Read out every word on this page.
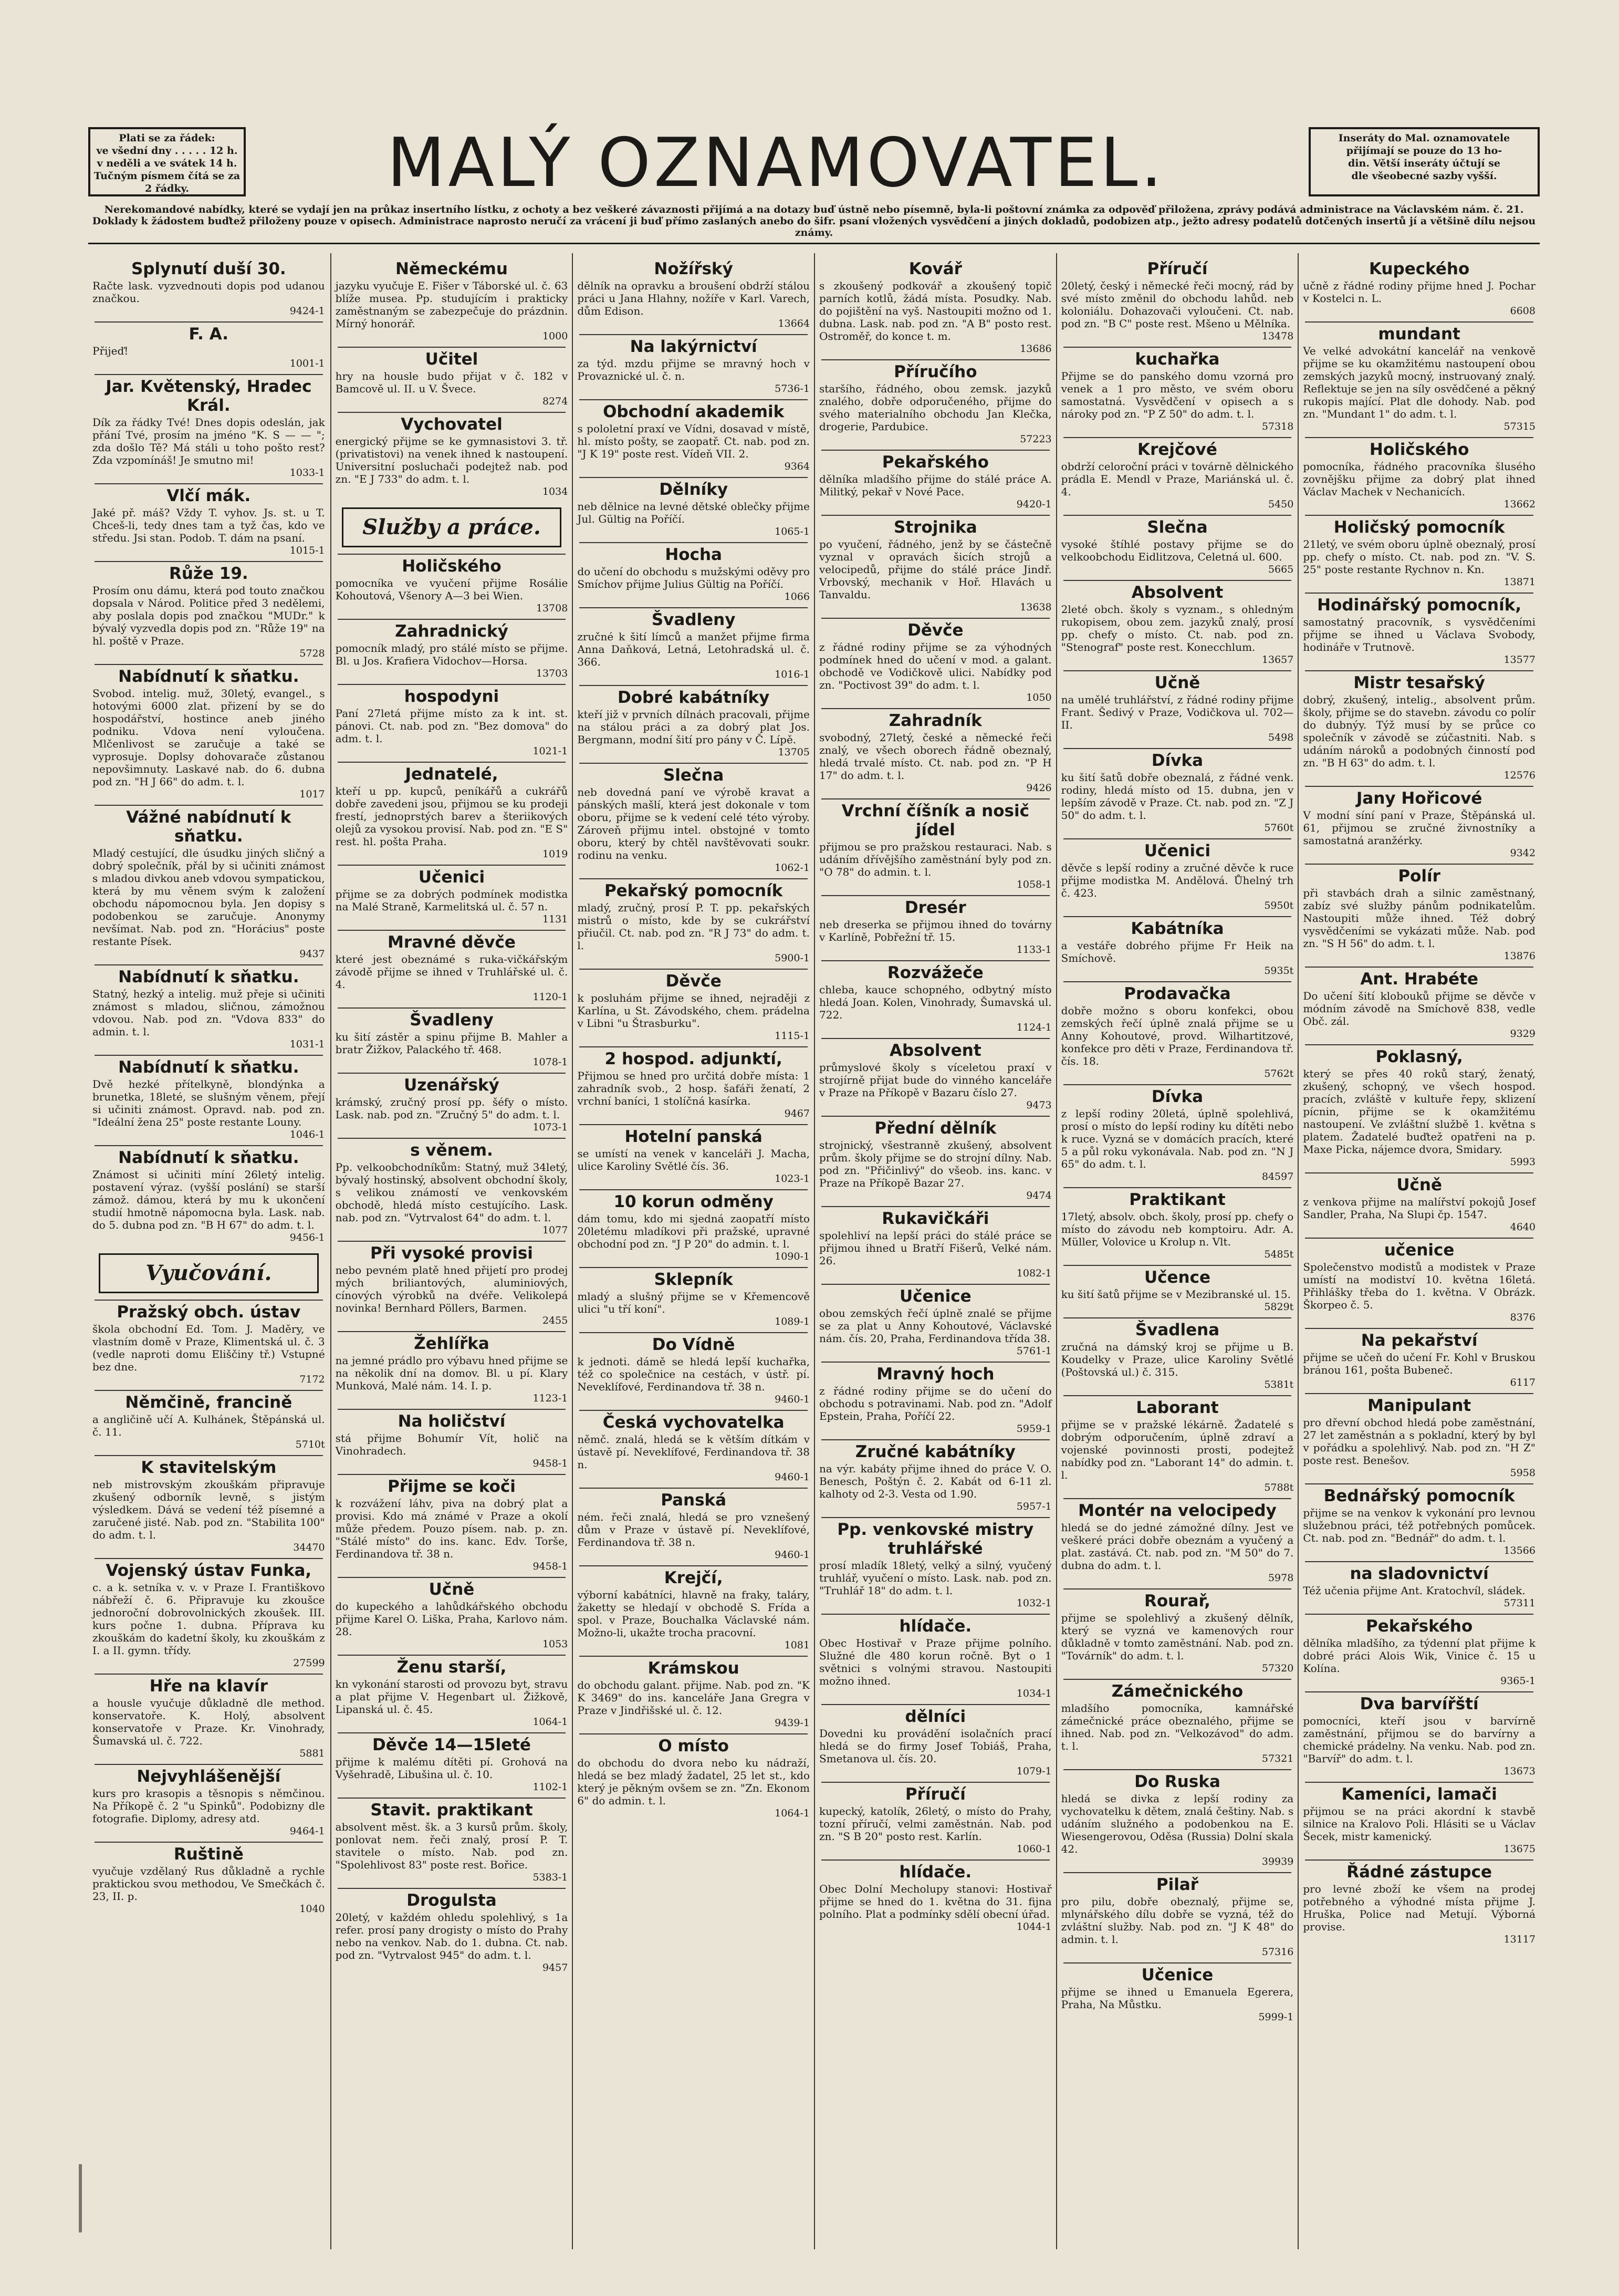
Plati se za řádek:
ve všední dny . . . . . 12 h.
v neděli a ve svátek 14 h.
Tučným písmem čítá se za 2 řádky.	MALÝ OZNAMOVATEL.	Inseráty do Mal. oznamovatele
přijímají se pouze do 13 ho-
din. Větší inseráty účtují se
dle všeobecné sazby vyšší.
Nerekomandové nabídky, které se vydají jen na průkaz insertního lístku, z ochoty a bez veškeré závaznosti přijímá a na dotazy buď ústně nebo písemně, byla-li poštovní známka za odpověď přiložena, zprávy podává administrace na Václavském nám. č. 21. Doklady k žádostem buďtež přiloženy pouze v opisech. Administrace naprosto neručí za vrácení ji buď přímo zaslaných anebo do šifr. psaní vložených vysvědčení a jiných dokladů, podobizen atp., ježto adresy podatelů dotčených insertů jí a většině dílu nejsou známy.
Splynutí duší 30.
Račte lask. vyzvednouti dopis pod udanou značkou.
9424-1
F. A.
Přijeď!
1001-1
Jar. Květenský, Hradec Král.
Dík za řádky Tvé! Dnes dopis odeslán, jak přání Tvé, prosím na jméno "K. S — — "; zda došlo Tě? Má stáli u toho pošto rest? Zda vzpomínáš! Je smutno mi!
1033-1
Vlčí mák.
Jaké př. máš? Vždy T. vyhov. Js. st. u T. Chceš-li, tedy dnes tam a tyž čas, kdo ve středu. Jsi stan. Podob. T. dám na psaní.
1015-1
Růže 19.
Prosím onu dámu, která pod touto značkou dopsala v Národ. Politice před 3 nedělemi, aby poslala dopis pod značkou "MUDr." k bývalý vyzvedla dopis pod zn. "Růže 19" na hl. poště v Praze.
5728
Nabídnutí k sňatku.
Svobod. intelig. muž, 30letý, evangel., s hotovými 6000 zlat. přizení by se do hospodářství, hostince aneb jiného podniku. Vdova není vyloučena. Mlčenlivost se zaručuje a také se vyprosuje. Doplsy dohovarače zůstanou nepovšimnuty. Laskavé nab. do 6. dubna pod zn. "H J 66" do adm. t. l.
1017
Vážné nabídnutí k sňatku.
Mladý cestující, dle úsudku jiných sličný a dobrý společník, přál by si učiniti známost s mladou divkou aneb vdovou sympatickou, která by mu věnem svým k založení obchodu nápomocnou byla. Jen dopisy s podobenkou se zaručuje. Anonymy nevšímat. Nab. pod zn. "Horácius" poste restante Písek.
9437
Nabídnutí k sňatku.
Statný, hezký a intelig. muž přeje si učiniti známost s mladou, sličnou, zámožnou vdovou. Nab. pod zn. "Vdova 833" do admin. t. l.
1031-1
Nabídnutí k sňatku.
Dvě hezké přítelkyně, blondýnka a brunetka, 18leté, se slušným věnem, přejí si učiniti známost. Opravd. nab. pod zn. "Ideální žena 25" poste restante Louny.
1046-1
Nabídnutí k sňatku.
Známost si učiniti míní 26letý intelig. postavení výraz. (vyšší poslání) se starší zámož. dámou, která by mu k ukončení studií hmotně nápomocna byla. Lask. nab. do 5. dubna pod zn. "B H 67" do adm. t. l.
9456-1
Vyučování.
Pražský obch. ústav
škola obchodní Ed. Tom. J. Maděry, ve vlastním domě v Praze, Klimentská ul. č. 3 (vedle naproti domu Eliščiny tř.) Vstupné bez dne.
7172
Němčině, francině
a angličině učí A. Kulhánek, Štěpánská ul. č. 11.
5710t
K stavitelským
neb mistrovským zkouškám připravuje zkušený odborník levně, s jistým výsledkem. Dává se vedení též písemné a zaručené jisté. Nab. pod zn. "Stabilita 100" do adm. t. l.
34470
Vojenský ústav Funka,
c. a k. setníka v. v. v Praze I. Františkovo nábřeží č. 6. Připravuje ku zkoušce jednoroční dobrovolnických zkoušek. III. kurs počne 1. dubna. Příprava ku zkouškám do kadetní školy, ku zkouškám z I. a II. gymn. třídy.
27599
Hře na klavír
a housle vyučuje důkladně dle method. konservatoře. K. Holý, absolvent konservatoře v Praze. Kr. Vinohrady, Šumavská ul. č. 722.
5881
Nejvyhlášenější
kurs pro krasopis a těsnopis s němčinou. Na Příkopě č. 2 "u Spinků". Podobizny dle fotografie. Diplomy, adresy atd.
9464-1
Ruštině
vyučuje vzdělaný Rus důkladně a rychle praktickou svou methodou, Ve Smečkách č. 23, II. p.
1040
Německému
jazyku vyučuje E. Fišer v Táborské ul. č. 63 blíže musea. Pp. studujícím i prakticky zaměstnaným se zabezpečuje do prázdnin. Mírný honorář.
1000
Učitel
hry na housle budo přijat v č. 182 v Bamcově ul. II. u V. Švece.
8274
Vychovatel
energický přijme se ke gymnasistovi 3. tř. (privatistovi) na venek ihned k nastoupení. Universitní posluchači podejtež nab. pod zn. "E J 733" do adm. t. l.
1034
Služby a práce.
Holičského
pomocníka ve vyučení přijme Rosálie Kohoutová, Všenory A—3 bei Wien.
13708
Zahradnický
pomocník mladý, pro stálé místo se přijme. Bl. u Jos. Krafiera Vidochov—Horsa.
13703
hospodyni
Paní 27letá přijme místo za k int. st. pánovi. Ct. nab. pod zn. "Bez domova" do adm. t. l.
1021-1
Jednatelé,
kteří u pp. kupců, peníkářů a cukrářů dobře zavedeni jsou, přijmou se ku prodeji frestí, jednoprstých barev a šteriikových olejů za vysokou provisí. Nab. pod zn. "E S" rest. hl. pošta Praha.
1019
Učenici
přijme se za dobrých podmínek modistka na Malé Straně, Karmelitská ul. č. 57 n.
1131
Mravné děvče
které jest obeznámé s ruka-vičkářským závodě přijme se ihned v Truhlářské ul. č. 4.
1120-1
Švadleny
ku šití zástěr a spinu přijme B. Mahler a bratr Žižkov, Palackého tř. 468.
1078-1
Uzenářský
krámský, zručný prosí pp. šéfy o místo. Lask. nab. pod zn. "Zručný 5" do adm. t. l.
1073-1
s věnem.
Pp. velkoobchodníkům: Statný, muž 34letý, bývalý hostinský, absolvent obchodní školy, s velikou známostí ve venkovském obchodě, hledá místo cestujícího. Lask. nab. pod zn. "Vytrvalost 64" do adm. t. l.
1077
Při vysoké provisi
nebo pevném platě hned přijetí pro prodej mých briliantových, aluminiových, cínových výrobků na dvéře. Velikolepá novinka! Bernhard Pöllers, Barmen.
2455
Žehlířka
na jemné prádlo pro výbavu hned přijme se na několik dní na domov. Bl. u pí. Klary Munková, Malé nám. 14. I. p.
1123-1
Na holičství
stá přijme Bohumír Vít, holič na Vinohradech.
9458-1
Přijme se koči
k rozvážení láhv, piva na dobrý plat a provisi. Kdo má známé v Praze a okolí může předem. Pouzo písem. nab. p. zn. "Stálé místo" do ins. kanc. Edv. Torše, Ferdinandova tř. 38 n.
9458-1
Učně
do kupeckého a lahůdkářského obchodu přijme Karel O. Liška, Praha, Karlovo nám. 28.
1053
Ženu starší,
kn vykonání starosti od provozu byt, stravu a plat přijme V. Hegenbart ul. Žižkově, Lipanská ul. č. 45.
1064-1
Děvče 14—15leté
přijme k malému dítěti pí. Grohová na Vyšehradě, Libušina ul. č. 10.
1102-1
Stavit. praktikant
absolvent měst. šk. a 3 kursů prům. školy, ponlovat nem. řeči znalý, prosí P. T. stavitele o místo. Nab. pod zn. "Spolehlivost 83" poste rest. Bořice.
5383-1
Drogulsta
20letý, v každém ohledu spolehlivý, s 1a refer. prosí pany drogisty o místo do Prahy nebo na venkov. Nab. do 1. dubna. Ct. nab. pod zn. "Vytrvalost 945" do adm. t. l.
9457
Nožířský
dělník na opravku a broušení obdrží stálou práci u Jana Hlahny, nožíře v Karl. Varech, dům Edison.
13664
Na lakýrnictví
za týd. mzdu přijme se mravný hoch v Provaznické ul. č. n.
5736-1
Obchodní akademik
s pololetní praxí ve Vídni, dosavad v místě, hl. místo pošty, se zaopatř. Ct. nab. pod zn. "J K 19" poste rest. Vídeň VII. 2.
9364
Dělníky
neb dělnice na levné dětské oblečky přijme Jul. Gültig na Poříčí.
1065-1
Hocha
do učení do obchodu s mužskými oděvy pro Smíchov přijme Julius Gültig na Poříčí.
1066
Švadleny
zručné k šití límců a manžet přijme firma Anna Daňková, Letná, Letohradská ul. č. 366.
1016-1
Dobré kabátníky
kteří již v prvních dílnách pracovali, přijme na stálou práci a za dobrý plat Jos. Bergmann, modní šití pro pány v Č. Lípě.
13705
Slečna
neb dovedná paní ve výrobě kravat a pánských mašlí, která jest dokonale v tom oboru, přijme se k vedení celé této výroby. Zároveň přijmu intel. obstojné v tomto oboru, který by chtěl navštěvovati soukr. rodinu na venku.
1062-1
Pekařský pomocník
mladý, zručný, prosí P. T. pp. pekařských mistrů o místo, kde by se cukrářství přiučil. Ct. nab. pod zn. "R J 73" do adm. t. l.
5900-1
Děvče
k posluhám přijme se ihned, nejraději z Karlína, u St. Závodského, chem. prádelna v Libni "u Štrasburku".
1115-1
2 hospod. adjunktí,
Přijmou se hned pro určitá dobře místa: 1 zahradník svob., 2 hosp. šafáři ženatí, 2 vrchní baníci, 1 stolíčná kasírka.
9467
Hotelní panská
se umístí na venek v kanceláři J. Macha, ulice Karoliny Světlé čís. 36.
1023-1
10 korun odměny
dám tomu, kdo mi sjedná zaopatří místo 20letému mladíkovi při pražské, upravné obchodní pod zn. "J P 20" do admin. t. l.
1090-1
Sklepník
mladý a slušný přijme se v Křemencově ulici "u tří koní".
1089-1
Do Vídně
k jednoti. dámě se hledá lepší kuchařka, též co společnice na cestách, v ústř. pí. Neveklífové, Ferdinandova tř. 38 n.
9460-1
Česká vychovatelka
němč. znalá, hledá se k větším dítkám v ústavě pí. Neveklífové, Ferdinandova tř. 38 n.
9460-1
Panská
ném. řeči znalá, hledá se pro vznešený dům v Praze v ústavě pí. Neveklífové, Ferdinandova tř. 38 n.
9460-1
Krejčí,
výborní kabátníci, hlavně na fraky, taláry, žaketty se hledají v obchodě S. Frída a spol. v Praze, Bouchalka Václavské nám. Možno-li, ukažte trocha pracovní.
1081
Krámskou
do obchodu galant. přijme. Nab. pod zn. "K K 3469" do ins. kanceláře Jana Gregra v Praze v Jindřišské ul. č. 12.
9439-1
O místo
do obchodu do dvora nebo ku nádraží, hledá se bez mladý žadatel, 25 let st., kdo který je pěkným ovšem se zn. "Zn. Ekonom 6" do admin. t. l.
1064-1
Kovář
s zkoušený podkovář a zkoušený topič parních kotlů, žádá místa. Posudky. Nab. do pojištění na vyš. Nastoupiti možno od 1. dubna. Lask. nab. pod zn. "A B" posto rest. Ostroměř, do konce t. m.
13686
Příručího
staršího, řádného, obou zemsk. jazyků znalého, dobře odporučeného, přijme do svého materialního obchodu Jan Klečka, drogerie, Pardubice.
57223
Pekařského
dělníka mladšího přijme do stálé práce A. Militký, pekař v Nové Pace.
9420-1
Strojnika
po vyučení, řádného, jenž by se částečně vyznal v opravách šicích strojů a velocipedů, přijme do stálé práce Jindř. Vrbovský, mechanik v Hoř. Hlavách u Tanvaldu.
13638
Děvče
z řádné rodiny přijme se za výhodných podmínek hned do učení v mod. a galant. obchodě ve Vodičkově ulici. Nabídky pod zn. "Poctivost 39" do adm. t. l.
1050
Zahradník
svobodný, 27letý, české a německé řeči znalý, ve všech oborech řádně obeznalý, hledá trvalé místo. Ct. nab. pod zn. "P H 17" do adm. t. l.
9426
Vrchní číšník a nosič jídel
přijmou se pro pražskou restauraci. Nab. s udáním dřívějšího zaměstnání byly pod zn. "O 78" do admin. t. l.
1058-1
Dresér
neb dreserka se přijmou ihned do továrny v Karlíně, Pobřežní tř. 15.
1133-1
Rozvážeče
chleba, kauce schopného, odbytný místo hledá Joan. Kolen, Vinohrady, Šumavská ul. 722.
1124-1
Absolvent
průmyslové školy s víceletou praxí v strojírně přijat bude do vinného kanceláře v Praze na Příkopě v Bazaru číslo 27.
9473
Přední dělník
strojnický, všestranně zkušený, absolvent prům. školy přijme se do strojní dílny. Nab. pod zn. "Přičinlivý" do všeob. ins. kanc. v Praze na Příkopě Bazar 27.
9474
Rukavičkáři
spolehliví na lepší práci do stálé práce se přijmou ihned u Bratří Fišerů, Velké nám. 26.
1082-1
Učenice
obou zemských řečí úplně znalé se přijme se za plat u Anny Kohoutové, Václavské nám. čís. 20, Praha, Ferdinandova třída 38.
5761-1
Mravný hoch
z řádné rodiny přijme se do učení do obchodu s potravinami. Nab. pod zn. "Adolf Epstein, Praha, Poříčí 22.
5959-1
Zručné kabátníky
na výr. kabáty přijme ihned do práce V. O. Benesch, Poštýn č. 2. Kabát od 6-11 zl. kalhoty od 2-3. Vesta od 1.90.
5957-1
Pp. venkovské mistry truhlářské
prosí mladík 18letý, velký a silný, vyučený truhlář, vyučení o místo. Lask. nab. pod zn. "Truhlář 18" do adm. t. l.
1032-1
hlídače.
Obec Hostivař v Praze přijme polního. Služné dle 480 korun ročně. Byt o 1 světnici s volnými stravou. Nastoupiti možno ihned.
1034-1
dělníci
Dovedni ku provádění isolačních prací hledá se do firmy Josef Tobiáš, Praha, Smetanova ul. čís. 20.
1079-1
Příručí
kupecký, katolík, 26letý, o místo do Prahy, tozní příručí, velmi zaměstnán. Nab. pod zn. "S B 20" posto rest. Karlín.
1060-1
hlídače.
Obec Dolní Mecholupy stanovi: Hostivař přijme se hned do 1. května do 31. fijna polního. Plat a podmínky sdělí obecní úřad.
1044-1
Příručí
20letý, český i německé řeči mocný, rád by své místo změnil do obchodu lahůd. neb koloniálu. Dohazovači vyloučeni. Ct. nab. pod zn. "B C" poste rest. Mšeno u Mělníka.
13478
kuchařka
Přijme se do panského domu vzorná pro venek a 1 pro město, ve svém oboru samostatná. Vysvědčení v opisech a s nároky pod zn. "P Z 50" do adm. t. l.
57318
Krejčové
obdrží celoroční práci v továrně dělnického prádla E. Mendl v Praze, Mariánská ul. č. 4.
5450
Slečna
vysoké štíhlé postavy přijme se do velkoobchodu Eidlitzova, Celetná ul. 600.
5665
Absolvent
2leté obch. školy s vyznam., s ohledným rukopisem, obou zem. jazyků znalý, prosí pp. chefy o místo. Ct. nab. pod zn. "Stenograf" poste rest. Konecchlum.
13657
Učně
na umělé truhlářství, z řádné rodiny přijme Frant. Šedivý v Praze, Vodičkova ul. 702—II.
5498
Dívka
ku šití šatů dobře obeznalá, z řádné venk. rodiny, hledá místo od 15. dubna, jen v lepším závodě v Praze. Ct. nab. pod zn. "Z J 50" do adm. t. l.
5760t
Učenici
děvče s lepší rodiny a zručné děvče k ruce přijme modistka M. Andělová. Ůhelný trh č. 423.
5950t
Kabátníka
a vestáře dobrého přijme Fr Heik na Smíchově.
5935t
Prodavačka
dobře možno s oboru konfekci, obou zemských řečí úplně znalá přijme se u Anny Kohoutové, provd. Wilhartitzové, konfekce pro děti v Praze, Ferdinandova tř. čís. 18.
5762t
Dívka
z lepší rodiny 20letá, úplně spolehlivá, prosí o místo do lepší rodiny ku dítěti nebo k ruce. Vyzná se v domácích pracích, které 5 a půl roku vykonávala. Nab. pod zn. "N J 65" do adm. t. l.
84597
Praktikant
17letý, absolv. obch. školy, prosí pp. chefy o místo do závodu neb komptoiru. Adr. A. Müller, Volovice u Krolup n. Vlt.
5485t
Učence
ku šití šatů přijme se v Mezibranské ul. 15.
5829t
Švadlena
zručná na dámský kroj se přijme u B. Koudelky v Praze, ulice Karoliny Světlé (Poštovská ul.) č. 315.
5381t
Laborant
přijme se v pražské lékárně. Žadatelé s dobrým odporučením, úplně zdraví a vojenské povinnosti prosti, podejtež nabídky pod zn. "Laborant 14" do admin. t. l.
5788t
Montér na velocipedy
hledá se do jedné zámožné dílny. Jest ve veškeré práci dobře obeznám a vyučený a plat. zastává. Ct. nab. pod zn. "M 50" do 7. dubna do adm. t. l.
5978
Rourař,
přijme se spolehlivý a zkušený dělník, který se vyzná ve kamenových rour důkladně v tomto zaměstnání. Nab. pod zn. "Továrník" do adm. t. l.
57320
Zámečnického
mladšího pomocníka, kamnářské zámečnické práce obeznalého, přijme se ihned. Nab. pod zn. "Velkozávod" do adm. t. l.
57321
Do Ruska
hledá se divka z lepší rodiny za vychovatelku k dětem, znalá češtiny. Nab. s udáním služného a podobenkou na E. Wiesengerovou, Oděsa (Russia) Dolní skala 42.
39939
Pilař
pro pilu, dobře obeznalý, přijme se, mlynářského dílu dobře se vyzná, též do zvláštní služby. Nab. pod zn. "J K 48" do admin. t. l.
57316
Učenice
přijme se ihned u Emanuela Egerera, Praha, Na Můstku.
5999-1
Kupeckého
učně z řádné rodiny přijme hned J. Pochar v Kostelci n. L.
6608
mundant
Ve velké advokátní kancelář na venkově přijme se ku okamžitému nastoupení obou zemských jazyků mocný, instruovaný znalý. Reflektuje se jen na síly osvědčené a pěkný rukopis mající. Plat dle dohody. Nab. pod zn. "Mundant 1" do adm. t. l.
57315
Holičského
pomocníka, řádného pracovníka šlusého zovnějšku přijme za dobrý plat ihned Václav Machek v Nechanicích.
13662
Holičský pomocník
21letý, ve svém oboru úplně obeznalý, prosí pp. chefy o místo. Ct. nab. pod zn. "V. S. 25" poste restante Rychnov n. Kn.
13871
Hodinářský pomocník,
samostatný pracovník, s vysvědčeními přijme se ihned u Václava Svobody, hodináře v Trutnově.
13577
Mistr tesařský
dobrý, zkušený, intelig., absolvent prům. školy, přijme se do stavebn. závodu co polír do dubnýy. Týž musí by se průce co společník v závodě se zúčastniti. Nab. s udáním nároků a podobných činností pod zn. "B H 63" do adm. t. l.
12576
Jany Hořicové
V modní síní paní v Praze, Štěpánská ul. 61, přijmou se zručné živnostníky a samostatná aranžérky.
9342
Polír
při stavbách drah a silnic zaměstnaný, zabíz své služby pánům podnikatelům. Nastoupiti může ihned. Též dobrý vysvědčeními se vykázati může. Nab. pod zn. "S H 56" do adm. t. l.
13876
Ant. Hrabéte
Do učení šití klobouků přijme se děvče v módním závodě na Smíchově 838, vedle Obč. zál.
9329
Poklasný,
který se přes 40 roků starý, ženatý, zkušený, schopný, ve všech hospod. pracích, zvláště v kultuře řepy, sklizení pícnin, přijme se k okamžitému nastoupení. Ve zvláštní službě 1. května s platem. Žadatelé buďtež opatřeni na p. Maxe Picka, nájemce dvora, Smidary.
5993
Učně
z venkova přijme na malířství pokojů Josef Sandler, Praha, Na Slupi čp. 1547.
4640
učenice
Společenstvo modistů a modistek v Praze umístí na modiství 10. května 16letá. Přihlášky třeba do 1. května. V Obrázk. Škorpeo č. 5.
8376
Na pekařství
přijme se učeň do učení Fr. Kohl v Bruskou bránou 161, pošta Bubeneč.
6117
Manipulant
pro dřevní obchod hledá pobe zaměstnání, 27 let zaměstnán a s pokladní, který by byl v pořádku a spolehlivý. Nab. pod zn. "H Z" poste rest. Benešov.
5958
Bednářský pomocník
přijme se na venkov k vykonání pro levnou služebnou práci, též potřebných pomůcek. Ct. nab. pod zn. "Bednář" do adm. t. l.
13566
na sladovnictví
Též učenia přijme Ant. Kratochvíl, sládek.
57311
Pekařského
dělníka mladšího, za týdenní plat přijme k dobré práci Alois Wik, Vinice č. 15 u Kolína.
9365-1
Dva barvířští
pomocníci, kteří jsou v barvírně zaměstnání, přijmou se do barvírny a chemické prádelny. Na venku. Nab. pod zn. "Barvíř" do adm. t. l.
13673
Kameníci, lamači
přijmou se na práci akordní k stavbě silnice na Kralovo Poli. Hlásiti se u Václav Šecek, mistr kamenický.
13675
Řádné zástupce
pro levné zboží ke všem na prodej potřebného a výhodné místa přijme J. Hruška, Police nad Metují. Výborná provise.
13117
